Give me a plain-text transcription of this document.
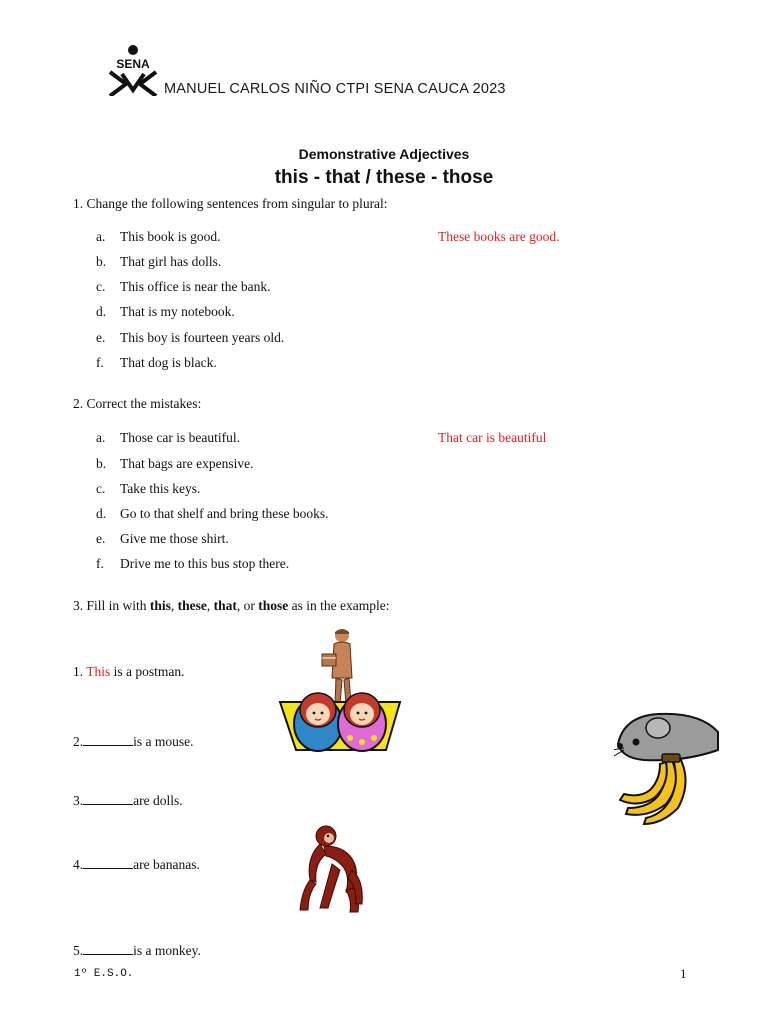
SENA
MANUEL CARLOS NIÑO CTPI SENA CAUCA 2023
Demonstrative Adjectives
this - that / these - those
1. Change the following sentences from singular to plural:
a. This book is good.	These books are good.
b. That girl has dolls.
c. This office is near the bank.
d. That is my notebook.
e. This boy is fourteen years old.
f. That dog is black.
2. Correct the mistakes:
a. Those car is beautiful.	That car is beautiful
b. That bags are expensive.
c. Take this keys.
d. Go to that shelf and bring these books.
e. Give me those shirt.
f. Drive me to this bus stop there.
3. Fill in with this, these, that, or those as in the example:
1. This is a postman.
2.	is a mouse.
3.	are dolls.
4.	are bananas.
5.	is a monkey.
1º E.S.O.	1
